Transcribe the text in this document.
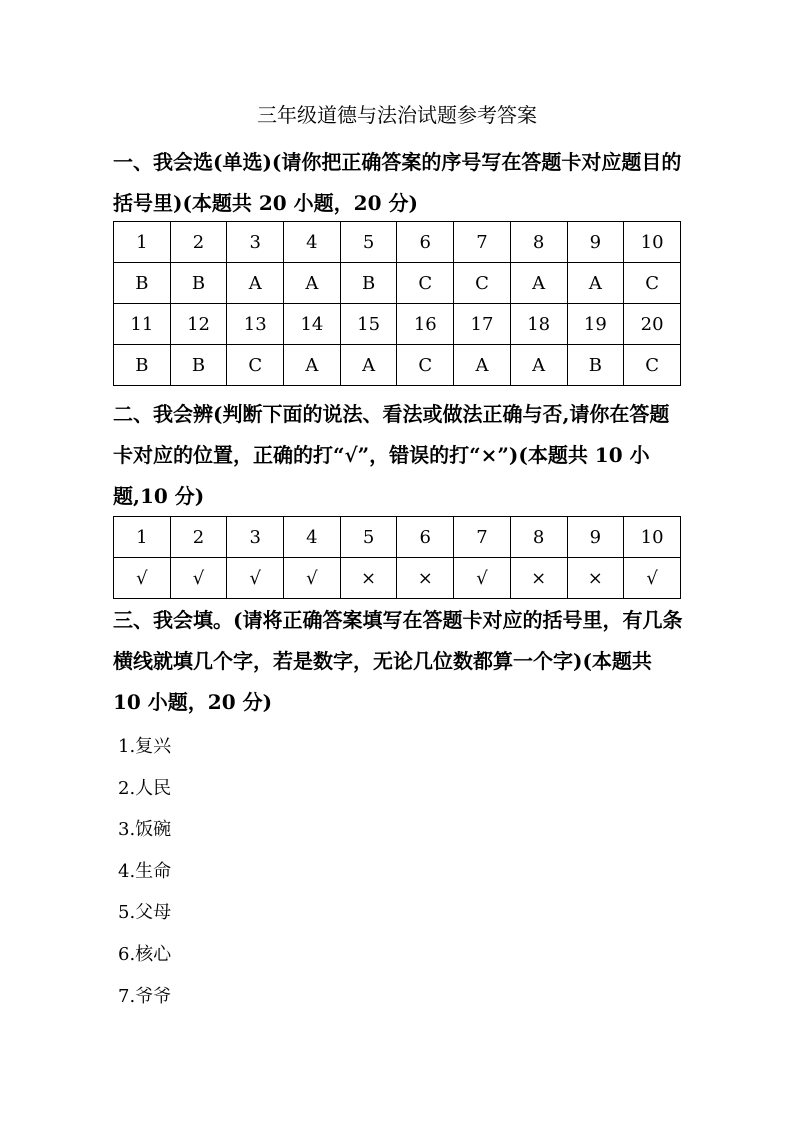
三年级道德与法治试题参考答案
一、我会选(单选)(请你把正确答案的序号写在答题卡对应题目的括号里)(本题共 20 小题，20 分)
1	2	3	4	5	6	7	8	9	10
B	B	A	A	B	C	C	A	A	C
11	12	13	14	15	16	17	18	19	20
B	B	C	A	A	C	A	A	B	C
二、我会辨(判断下面的说法、看法或做法正确与否,请你在答题卡对应的位置，正确的打“√”，错误的打“×”)(本题共 10 小题,10 分)
1	2	3	4	5	6	7	8	9	10
√	√	√	√	×	×	√	×	×	√
三、我会填。(请将正确答案填写在答题卡对应的括号里，有几条横线就填几个字，若是数字，无论几位数都算一个字)(本题共 10 小题，20 分)
1.复兴
2.人民
3.饭碗
4.生命
5.父母
6.核心
7.爷爷
